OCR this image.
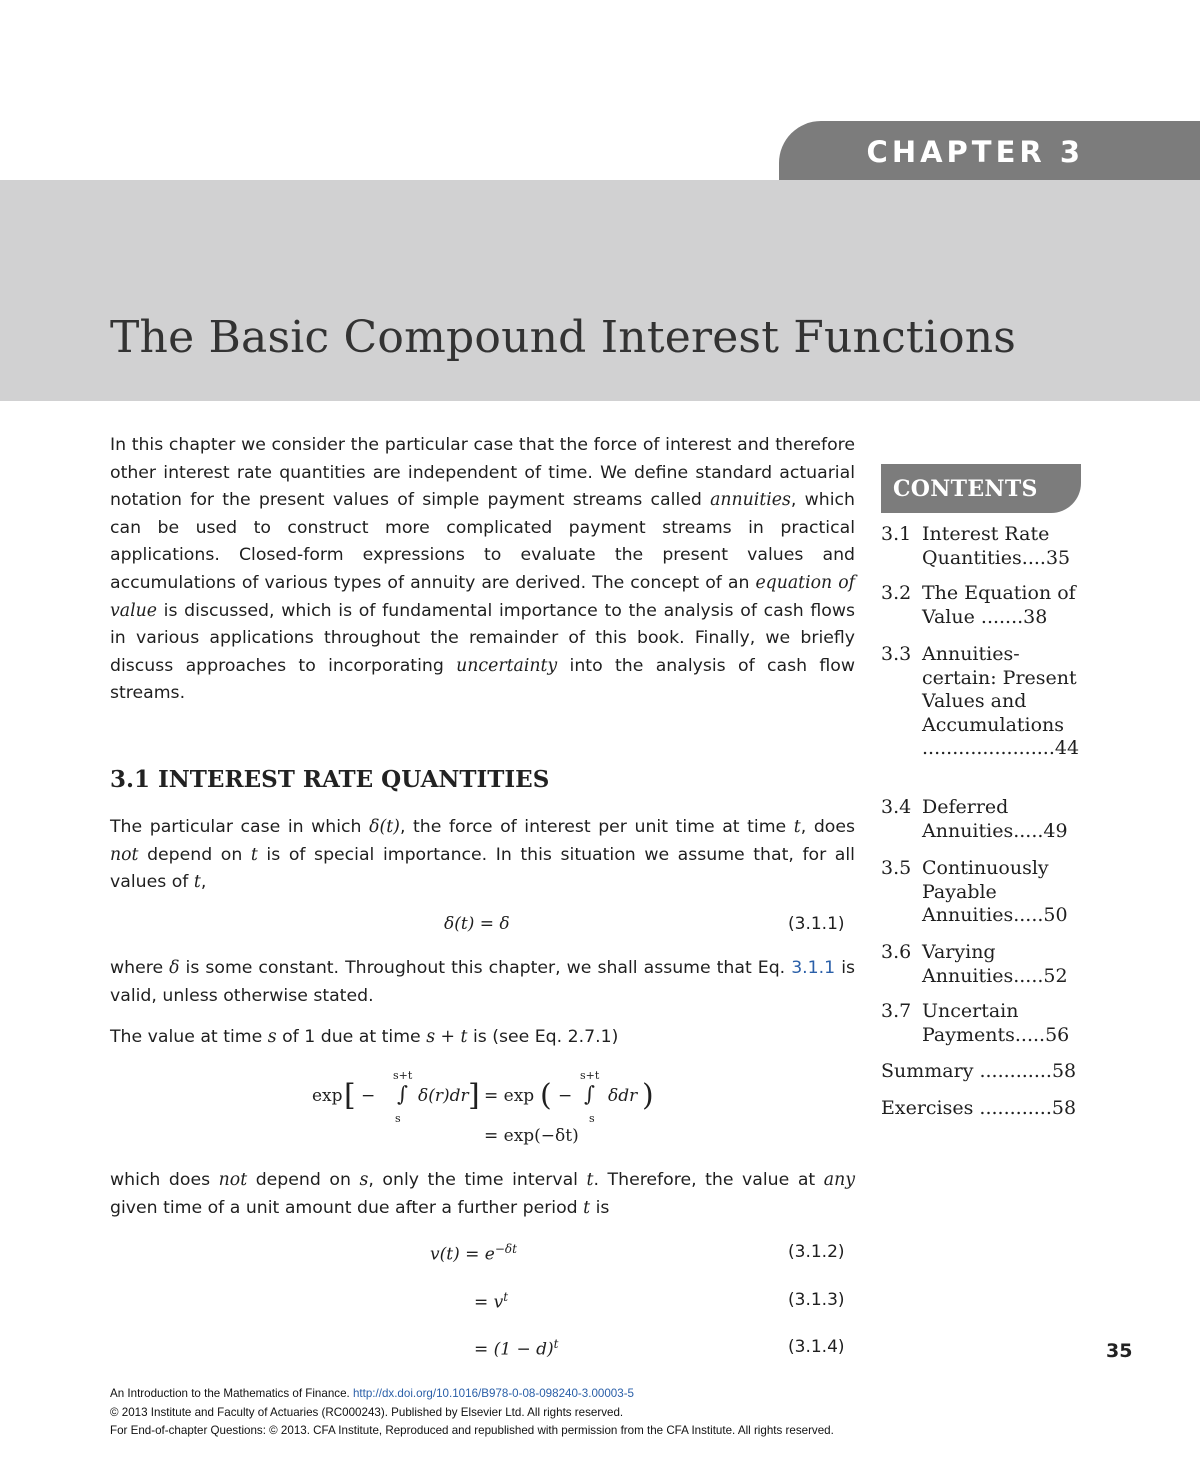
CHAPTER 3
The Basic Compound Interest Functions
In this chapter we consider the particular case that the force of interest and therefore other interest rate quantities are independent of time. We define standard actuarial notation for the present values of simple payment streams called annuities, which can be used to construct more complicated payment streams in practical applications. Closed-form expressions to evaluate the present values and accumulations of various types of annuity are derived. The concept of an equation of value is discussed, which is of fundamental importance to the analysis of cash flows in various applications throughout the remainder of this book. Finally, we briefly discuss approaches to incorporating uncertainty into the analysis of cash flow streams.
3.1 INTEREST RATE QUANTITIES
The particular case in which δ(t), the force of interest per unit time at time t, does not depend on t is of special importance. In this situation we assume that, for all values of t,
δ(t) = δ	(3.1.1)
where δ is some constant. Throughout this chapter, we shall assume that Eq. 3.1.1 is valid, unless otherwise stated.
The value at time s of 1 due at time s + t is (see Eq. 2.7.1)
exp [ −
s+t
∫
s
δ(r)dr ] = exp ( −
s+t
∫
s
δdr )
= exp(−δt)
which does not depend on s, only the time interval t. Therefore, the value at any given time of a unit amount due after a further period t is
$v(t) = e^{-\delta t}$	(3.1.2)
= $v^t$	(3.1.3)
= $(1 - d)^t$	(3.1.4)
CONTENTS
3.1 Interest Rate Quantities....35
3.2 The Equation of Value .......38
3.3 Annuities-certain: Present Values and Accumulations ......................44
3.4 Deferred Annuities.....49
3.5 Continuously Payable Annuities.....50
3.6 Varying Annuities.....52
3.7 Uncertain Payments.....56
Summary ............58
Exercises ............58
35
An Introduction to the Mathematics of Finance. http://dx.doi.org/10.1016/B978-0-08-098240-3.00003-5
© 2013 Institute and Faculty of Actuaries (RC000243). Published by Elsevier Ltd. All rights reserved.
For End-of-chapter Questions: © 2013. CFA Institute, Reproduced and republished with permission from the CFA Institute. All rights reserved.
